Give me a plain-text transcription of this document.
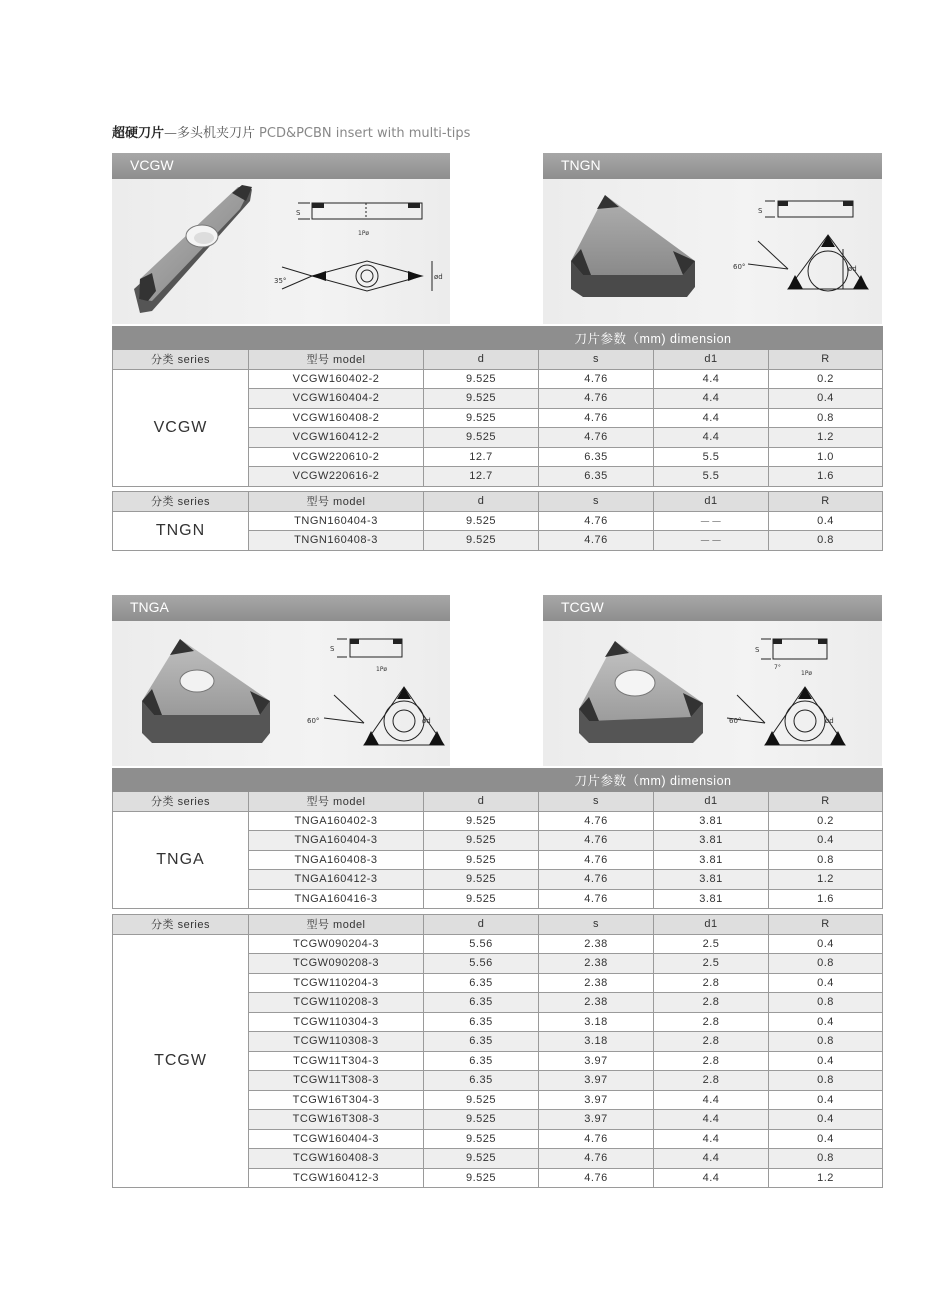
超硬刀片—多头机夹刀片 PCD&PCBN insert with multi-tips
VCGW	TNGN
TNGA	TCGW
S
1Pø
35°	ød
S
60°	ød
S
1Pø
60°	ød
S
7°
1Pø
60°	ød
		刀片参数（mm) dimension			
分类 series	型号 model	d	s	d1	R
VCGW	VCGW160402-2	9.525	4.76	4.4	0.2
	VCGW160404-2	9.525	4.76	4.4	0.4
	VCGW160408-2	9.525	4.76	4.4	0.8
	VCGW160412-2	9.525	4.76	4.4	1.2
	VCGW220610-2	12.7	6.35	5.5	1.0
	VCGW220616-2	12.7	6.35	5.5	1.6
分类 series	型号 model	d	s	d1	R
TNGN	TNGN160404-3	9.525	4.76	－－	0.4
	TNGN160408-3	9.525	4.76	－－	0.8
		刀片参数（mm) dimension			
分类 series	型号 model	d	s	d1	R
TNGA	TNGA160402-3	9.525	4.76	3.81	0.2
	TNGA160404-3	9.525	4.76	3.81	0.4
	TNGA160408-3	9.525	4.76	3.81	0.8
	TNGA160412-3	9.525	4.76	3.81	1.2
	TNGA160416-3	9.525	4.76	3.81	1.6
分类 series	型号 model	d	s	d1	R
TCGW	TCGW090204-3	5.56	2.38	2.5	0.4
	TCGW090208-3	5.56	2.38	2.5	0.8
	TCGW110204-3	6.35	2.38	2.8	0.4
	TCGW110208-3	6.35	2.38	2.8	0.8
	TCGW110304-3	6.35	3.18	2.8	0.4
	TCGW110308-3	6.35	3.18	2.8	0.8
	TCGW11T304-3	6.35	3.97	2.8	0.4
	TCGW11T308-3	6.35	3.97	2.8	0.8
	TCGW16T304-3	9.525	3.97	4.4	0.4
	TCGW16T308-3	9.525	3.97	4.4	0.4
	TCGW160404-3	9.525	4.76	4.4	0.4
	TCGW160408-3	9.525	4.76	4.4	0.8
	TCGW160412-3	9.525	4.76	4.4	1.2
